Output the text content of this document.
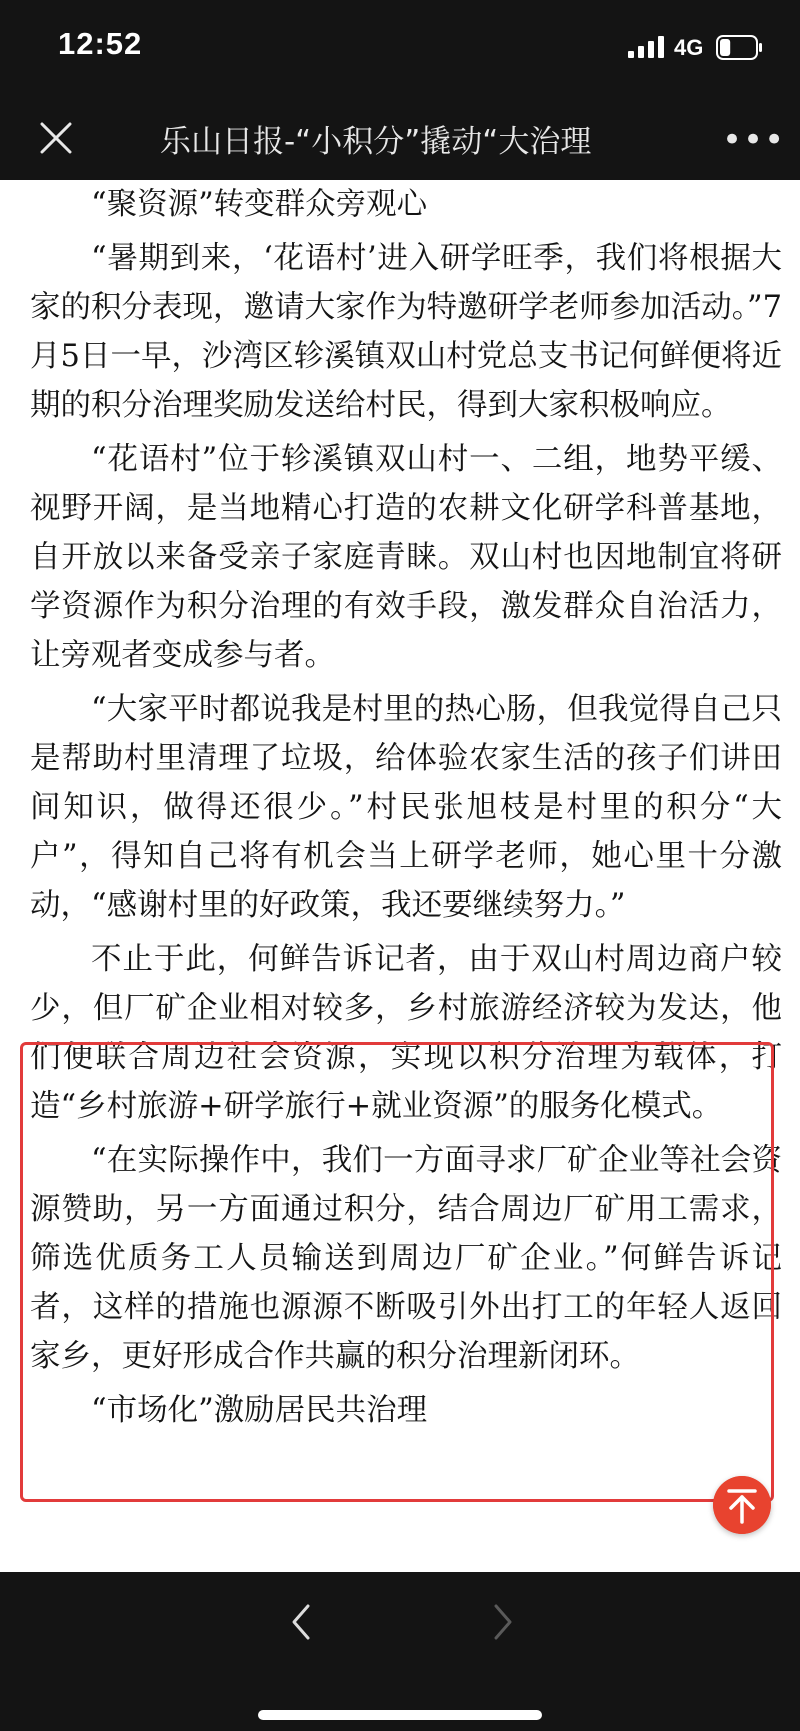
12:52	4G
乐山日报-“小积分”撬动“大治理	•••

“聚资源”转变群众旁观心

“暑期到来，‘花语村’进入研学旺季，我们将根据大家的积分表现，邀请大家作为特邀研学老师参加活动。”7月5日一早，沙湾区轸溪镇双山村党总支书记何鲜便将近期的积分治理奖励发送给村民，得到大家积极响应。

“花语村”位于轸溪镇双山村一、二组，地势平缓、视野开阔，是当地精心打造的农耕文化研学科普基地，自开放以来备受亲子家庭青睐。双山村也因地制宜将研学资源作为积分治理的有效手段，激发群众自治活力，让旁观者变成参与者。

“大家平时都说我是村里的热心肠，但我觉得自己只是帮助村里清理了垃圾，给体验农家生活的孩子们讲田间知识，做得还很少。”村民张旭枝是村里的积分“大户”，得知自己将有机会当上研学老师，她心里十分激动，“感谢村里的好政策，我还要继续努力。”

不止于此，何鲜告诉记者，由于双山村周边商户较少，但厂矿企业相对较多，乡村旅游经济较为发达，他们便联合周边社会资源，实现以积分治理为载体，打造“乡村旅游+研学旅行+就业资源”的服务化模式。

“在实际操作中，我们一方面寻求厂矿企业等社会资源赞助，另一方面通过积分，结合周边厂矿用工需求，筛选优质务工人员输送到周边厂矿企业。”何鲜告诉记者，这样的措施也源源不断吸引外出打工的年轻人返回家乡，更好形成合作共赢的积分治理新闭环。

“市场化”激励居民共治理
